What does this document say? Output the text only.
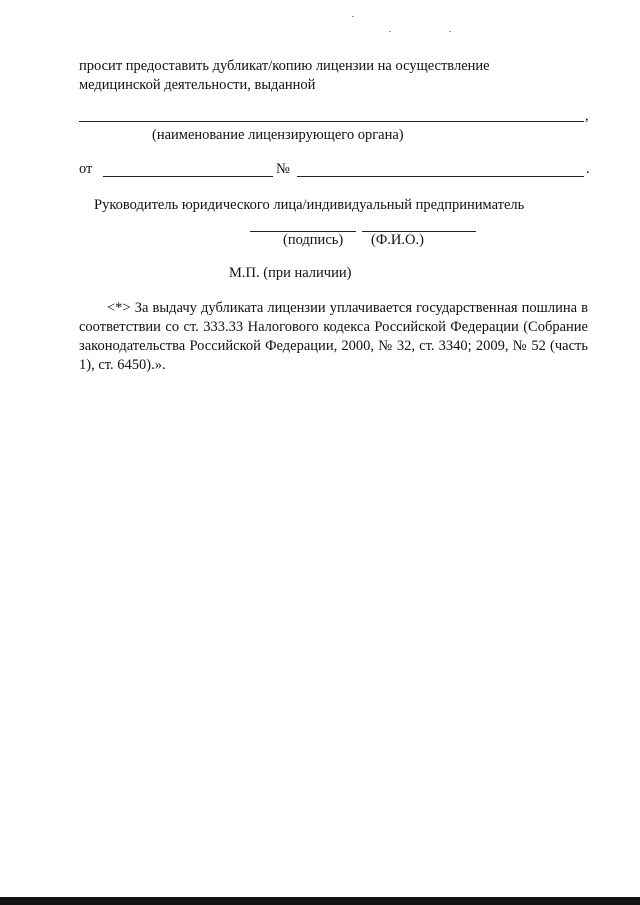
просит предоставить дубликат/копию лицензии на осуществление
медицинской деятельности, выданной
,
(наименование лицензирующего органа)
от	№	.
Руководитель юридического лица/индивидуальный предприниматель
(подпись) (Ф.И.О.)
М.П. (при наличии)
<*> За выдачу дубликата лицензии уплачивается государственная пошлина в соответствии со ст. 333.33 Налогового кодекса Российской Федерации (Собрание законодательства Российской Федерации, 2000, № 32, ст. 3340; 2009, № 52 (часть 1), ст. 6450).».
